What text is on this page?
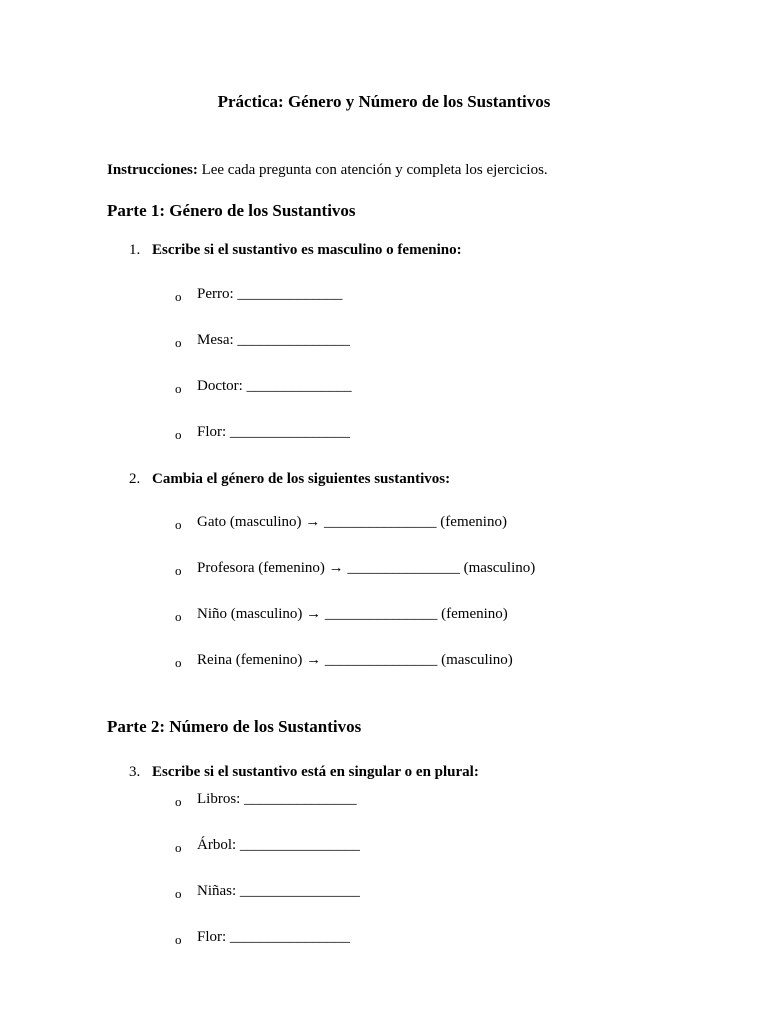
Práctica: Género y Número de los Sustantivos
Instrucciones: Lee cada pregunta con atención y completa los ejercicios.
Parte 1: Género de los Sustantivos
1. Escribe si el sustantivo es masculino o femenino:
o Perro: ______________
o Mesa: _______________
o Doctor: ______________
o Flor: ________________
2. Cambia el género de los siguientes sustantivos:
o Gato (masculino) → _______________ (femenino)
o Profesora (femenino) → _______________ (masculino)
o Niño (masculino) → _______________ (femenino)
o Reina (femenino) → _______________ (masculino)
Parte 2: Número de los Sustantivos
3. Escribe si el sustantivo está en singular o en plural:
o Libros: _______________
o Árbol: ________________
o Niñas: ________________
o Flor: ________________
